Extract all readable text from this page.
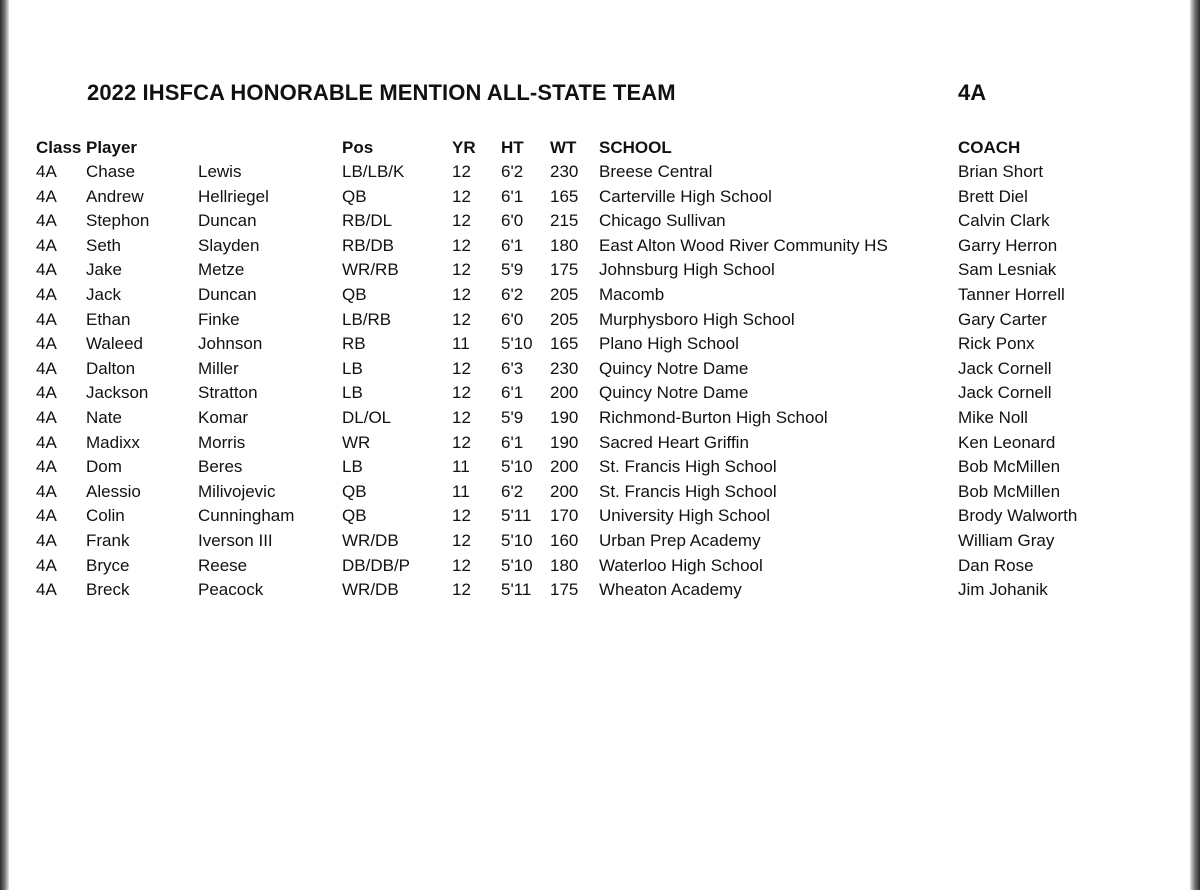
2022 IHSFCA HONORABLE MENTION ALL-STATE TEAM	4A
Class Player	Pos	YR HT WT SCHOOL	COACH
4A Chase	Lewis	LB/LB/K	12 6'2 230 Breese Central	Brian Short
4A Andrew	Hellriegel	QB	12 6'1 165 Carterville High School	Brett Diel
4A Stephon	Duncan	RB/DL	12 6'0 215 Chicago Sullivan	Calvin Clark
4A Seth	Slayden	RB/DB	12 6'1 180 East Alton Wood River Community HS	Garry Herron
4A Jake	Metze	WR/RB	12 5'9 175 Johnsburg High School	Sam Lesniak
4A Jack	Duncan	QB	12 6'2 205 Macomb	Tanner Horrell
4A Ethan	Finke	LB/RB	12 6'0 205 Murphysboro High School	Gary Carter
4A Waleed	Johnson	RB	11 5'10 165 Plano High School	Rick Ponx
4A Dalton	Miller	LB	12 6'3 230 Quincy Notre Dame	Jack Cornell
4A Jackson	Stratton	LB	12 6'1 200 Quincy Notre Dame	Jack Cornell
4A Nate	Komar	DL/OL	12 5'9 190 Richmond-Burton High School	Mike Noll
4A Madixx	Morris	WR	12 6'1 190 Sacred Heart Griffin	Ken Leonard
4A Dom	Beres	LB	11 5'10 200 St. Francis High School	Bob McMillen
4A Alessio	Milivojevic	QB	11 6'2 200 St. Francis High School	Bob McMillen
4A Colin	Cunningham	QB	12 5'11 170 University High School	Brody Walworth
4A Frank	Iverson III	WR/DB	12 5'10 160 Urban Prep Academy	William Gray
4A Bryce	Reese	DB/DB/P 12 5'10 180 Waterloo High School	Dan Rose
4A Breck	Peacock	WR/DB	12 5'11 175 Wheaton Academy	Jim Johanik
